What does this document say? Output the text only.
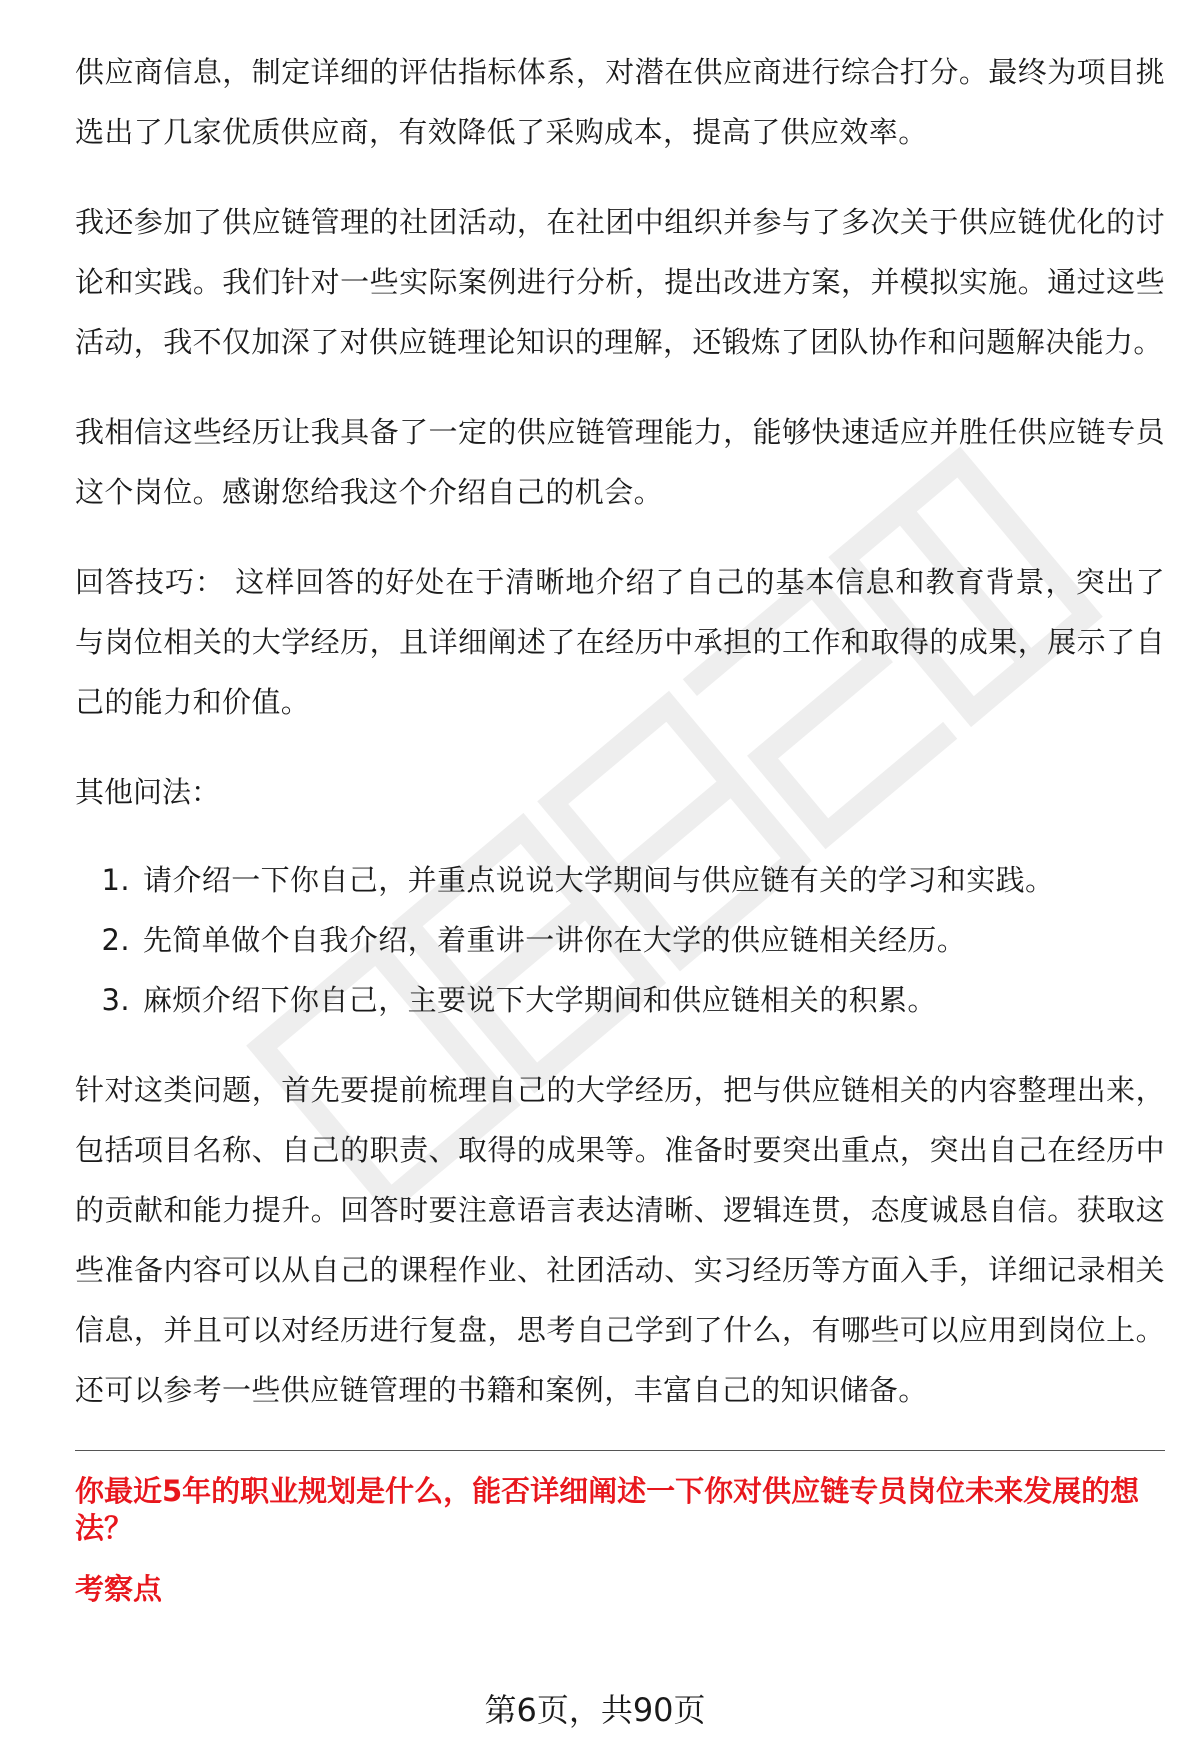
供应商信息，制定详细的评估指标体系，对潜在供应商进行综合打分。最终为项目挑选出了几家优质供应商，有效降低了采购成本，提高了供应效率。

我还参加了供应链管理的社团活动，在社团中组织并参与了多次关于供应链优化的讨论和实践。我们针对一些实际案例进行分析，提出改进方案，并模拟实施。通过这些活动，我不仅加深了对供应链理论知识的理解，还锻炼了团队协作和问题解决能力。

我相信这些经历让我具备了一定的供应链管理能力，能够快速适应并胜任供应链专员这个岗位。感谢您给我这个介绍自己的机会。

回答技巧： 这样回答的好处在于清晰地介绍了自己的基本信息和教育背景，突出了与岗位相关的大学经历，且详细阐述了在经历中承担的工作和取得的成果，展示了自己的能力和价值。

其他问法：

1. 请介绍一下你自己，并重点说说大学期间与供应链有关的学习和实践。
2. 先简单做个自我介绍，着重讲一讲你在大学的供应链相关经历。
3. 麻烦介绍下你自己，主要说下大学期间和供应链相关的积累。

针对这类问题，首先要提前梳理自己的大学经历，把与供应链相关的内容整理出来，包括项目名称、自己的职责、取得的成果等。准备时要突出重点，突出自己在经历中的贡献和能力提升。回答时要注意语言表达清晰、逻辑连贯，态度诚恳自信。获取这些准备内容可以从自己的课程作业、社团活动、实习经历等方面入手，详细记录相关信息，并且可以对经历进行复盘，思考自己学到了什么，有哪些可以应用到岗位上。还可以参考一些供应链管理的书籍和案例，丰富自己的知识储备。

你最近5年的职业规划是什么，能否详细阐述一下你对供应链专员岗位未来发展的想法？

考察点

第6页，共90页
